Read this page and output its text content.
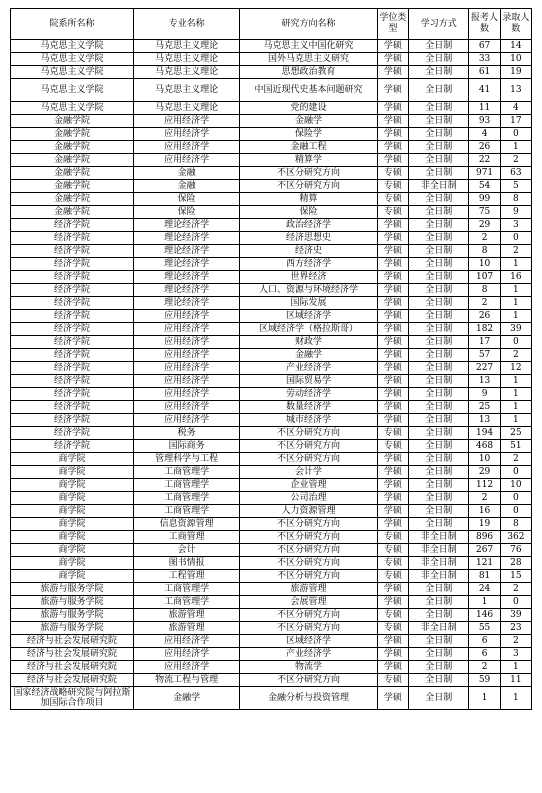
院系所名称	专业名称	研究方向名称	学位类型	学习方式	报考人数	录取人数
马克思主义学院	马克思主义理论	马克思主义中国化研究	学硕	全日制	67	14
马克思主义学院	马克思主义理论	国外马克思主义研究	学硕	全日制	33	10
马克思主义学院	马克思主义理论	思想政治教育	学硕	全日制	61	19
马克思主义学院	马克思主义理论	中国近现代史基本问题研究	学硕	全日制	41	13
马克思主义学院	马克思主义理论	党的建设	学硕	全日制	11	4
金融学院	应用经济学	金融学	学硕	全日制	93	17
金融学院	应用经济学	保险学	学硕	全日制	4	0
金融学院	应用经济学	金融工程	学硕	全日制	26	1
金融学院	应用经济学	精算学	学硕	全日制	22	2
金融学院	金融	不区分研究方向	专硕	全日制	971	63
金融学院	金融	不区分研究方向	专硕	非全日制	54	5
金融学院	保险	精算	专硕	全日制	99	8
金融学院	保险	保险	专硕	全日制	75	9
经济学院	理论经济学	政治经济学	学硕	全日制	29	3
经济学院	理论经济学	经济思想史	学硕	全日制	2	0
经济学院	理论经济学	经济史	学硕	全日制	8	2
经济学院	理论经济学	西方经济学	学硕	全日制	10	1
经济学院	理论经济学	世界经济	学硕	全日制	107	16
经济学院	理论经济学	人口、资源与环境经济学	学硕	全日制	8	1
经济学院	理论经济学	国际发展	学硕	全日制	2	1
经济学院	应用经济学	区域经济学	学硕	全日制	26	1
经济学院	应用经济学	区域经济学（格拉斯哥）	学硕	全日制	182	39
经济学院	应用经济学	财政学	学硕	全日制	17	0
经济学院	应用经济学	金融学	学硕	全日制	57	2
经济学院	应用经济学	产业经济学	学硕	全日制	227	12
经济学院	应用经济学	国际贸易学	学硕	全日制	13	1
经济学院	应用经济学	劳动经济学	学硕	全日制	9	1
经济学院	应用经济学	数量经济学	学硕	全日制	25	1
经济学院	应用经济学	城市经济学	学硕	全日制	13	1
经济学院	税务	不区分研究方向	专硕	全日制	194	25
经济学院	国际商务	不区分研究方向	专硕	全日制	468	51
商学院	管理科学与工程	不区分研究方向	学硕	全日制	10	2
商学院	工商管理学	会计学	学硕	全日制	29	0
商学院	工商管理学	企业管理	学硕	全日制	112	10
商学院	工商管理学	公司治理	学硕	全日制	2	0
商学院	工商管理学	人力资源管理	学硕	全日制	16	0
商学院	信息资源管理	不区分研究方向	学硕	全日制	19	8
商学院	工商管理	不区分研究方向	专硕	非全日制	896	362
商学院	会计	不区分研究方向	专硕	非全日制	267	76
商学院	图书情报	不区分研究方向	专硕	非全日制	121	28
商学院	工程管理	不区分研究方向	专硕	非全日制	81	15
旅游与服务学院	工商管理学	旅游管理	学硕	全日制	24	2
旅游与服务学院	工商管理学	会展管理	学硕	全日制	1	0
旅游与服务学院	旅游管理	不区分研究方向	专硕	全日制	146	39
旅游与服务学院	旅游管理	不区分研究方向	专硕	非全日制	55	23
经济与社会发展研究院	应用经济学	区域经济学	学硕	全日制	6	2
经济与社会发展研究院	应用经济学	产业经济学	学硕	全日制	6	3
经济与社会发展研究院	应用经济学	物流学	学硕	全日制	2	1
经济与社会发展研究院	物流工程与管理	不区分研究方向	专硕	全日制	59	11
国家经济战略研究院与阿拉斯加国际合作项目	金融学	金融分析与投资管理	学硕	全日制	1	1
